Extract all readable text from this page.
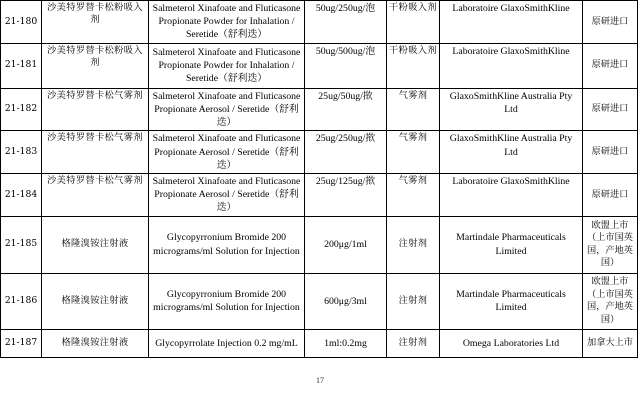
21-180	沙美特罗替卡松粉吸入剂	Salmeterol Xinafoate and Fluticasone Propionate Powder for Inhalation / Seretide（舒利迭）	50ug/250ug/泡	干粉吸入剂	Laboratoire GlaxoSmithKline	原研进口
21-181	沙美特罗替卡松粉吸入剂	Salmeterol Xinafoate and Fluticasone Propionate Powder for Inhalation / Seretide（舒利迭）	50ug/500ug/泡	干粉吸入剂	Laboratoire GlaxoSmithKline	原研进口
21-182	沙美特罗替卡松气雾剂	Salmeterol Xinafoate and Fluticasone Propionate Aerosol / Seretide（舒利迭）	25ug/50ug/揿	气雾剂	GlaxoSmithKline Australia Pty Ltd	原研进口
21-183	沙美特罗替卡松气雾剂	Salmeterol Xinafoate and Fluticasone Propionate Aerosol / Seretide（舒利迭）	25ug/250ug/揿	气雾剂	GlaxoSmithKline Australia Pty Ltd	原研进口
21-184	沙美特罗替卡松气雾剂	Salmeterol Xinafoate and Fluticasone Propionate Aerosol / Seretide（舒利迭）	25ug/125ug/揿	气雾剂	Laboratoire GlaxoSmithKline	原研进口
21-185	格隆溴铵注射液	Glycopyrronium Bromide 200 micrograms/ml Solution for Injection	200μg/1ml	注射剂	Martindale Pharmaceuticals Limited	欧盟上市（上市国英国，产地英国）
21-186	格隆溴铵注射液	Glycopyrronium Bromide 200 micrograms/ml Solution for Injection	600μg/3ml	注射剂	Martindale Pharmaceuticals Limited	欧盟上市（上市国英国，产地英国）
21-187	格隆溴铵注射液	Glycopyrrolate Injection 0.2 mg/mL	1ml:0.2mg	注射剂	Omega Laboratories Ltd	加拿大上市
17
